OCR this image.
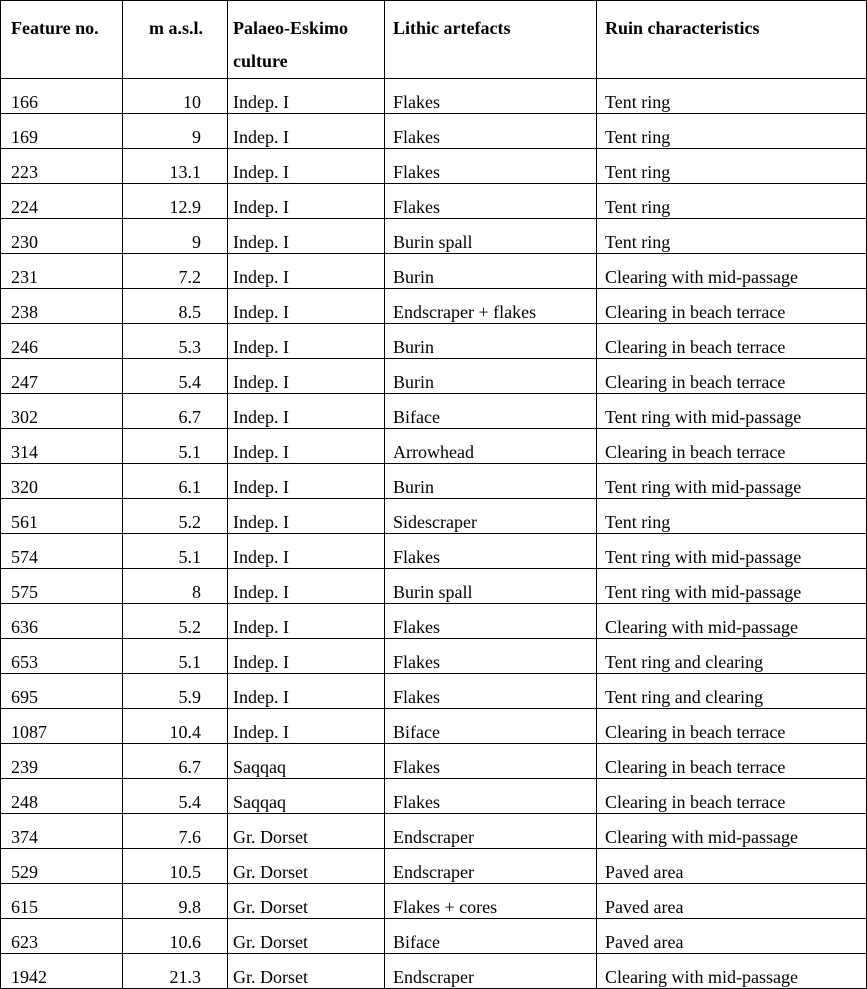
Feature no.	m a.s.l.	Palaeo-Eskimo culture	Lithic artefacts	Ruin characteristics
166	10	Indep. I	Flakes	Tent ring
169	9	Indep. I	Flakes	Tent ring
223	13.1	Indep. I	Flakes	Tent ring
224	12.9	Indep. I	Flakes	Tent ring
230	9	Indep. I	Burin spall	Tent ring
231	7.2	Indep. I	Burin	Clearing with mid-passage
238	8.5	Indep. I	Endscraper + flakes	Clearing in beach terrace
246	5.3	Indep. I	Burin	Clearing in beach terrace
247	5.4	Indep. I	Burin	Clearing in beach terrace
302	6.7	Indep. I	Biface	Tent ring with mid-passage
314	5.1	Indep. I	Arrowhead	Clearing in beach terrace
320	6.1	Indep. I	Burin	Tent ring with mid-passage
561	5.2	Indep. I	Sidescraper	Tent ring
574	5.1	Indep. I	Flakes	Tent ring with mid-passage
575	8	Indep. I	Burin spall	Tent ring with mid-passage
636	5.2	Indep. I	Flakes	Clearing with mid-passage
653	5.1	Indep. I	Flakes	Tent ring and clearing
695	5.9	Indep. I	Flakes	Tent ring and clearing
1087	10.4	Indep. I	Biface	Clearing in beach terrace
239	6.7	Saqqaq	Flakes	Clearing in beach terrace
248	5.4	Saqqaq	Flakes	Clearing in beach terrace
374	7.6	Gr. Dorset	Endscraper	Clearing with mid-passage
529	10.5	Gr. Dorset	Endscraper	Paved area
615	9.8	Gr. Dorset	Flakes + cores	Paved area
623	10.6	Gr. Dorset	Biface	Paved area
1942	21.3	Gr. Dorset	Endscraper	Clearing with mid-passage
